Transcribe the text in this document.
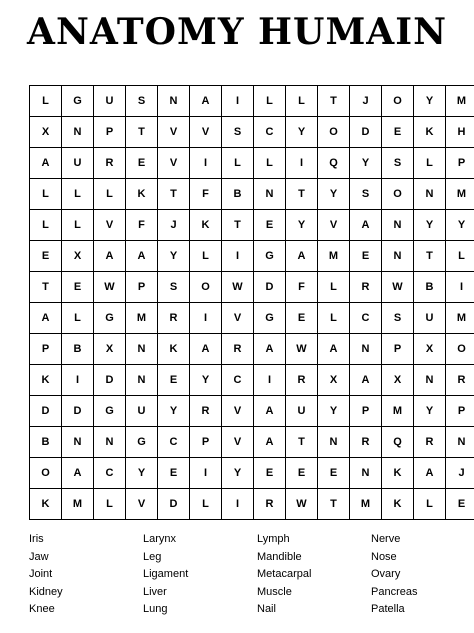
ANATOMY HUMAIN
L	G	U	S	N	A	I	L	L	T	J	O	Y	M
X	N	P	T	V	V	S	C	Y	O	D	E	K	H
A	U	R	E	V	I	L	L	I	Q	Y	S	L	P
L	L	L	K	T	F	B	N	T	Y	S	O	N	M
L	L	V	F	J	K	T	E	Y	V	A	N	Y	Y
E	X	A	A	Y	L	I	G	A	M	E	N	T	L
T	E	W	P	S	O	W	D	F	L	R	W	B	I
A	L	G	M	R	I	V	G	E	L	C	S	U	M
P	B	X	N	K	A	R	A	W	A	N	P	X	O
K	I	D	N	E	Y	C	I	R	X	A	X	N	R
D	D	G	U	Y	R	V	A	U	Y	P	M	Y	P
B	N	N	G	C	P	V	A	T	N	R	Q	R	N
O	A	C	Y	E	I	Y	E	E	E	N	K	A	J
K	M	L	V	D	L	I	R	W	T	M	K	L	E
Iris
Jaw
Joint
Kidney
Knee
Larynx
Leg
Ligament
Liver
Lung
Lymph
Mandible
Metacarpal
Muscle
Nail
Nerve
Nose
Ovary
Pancreas
Patella
